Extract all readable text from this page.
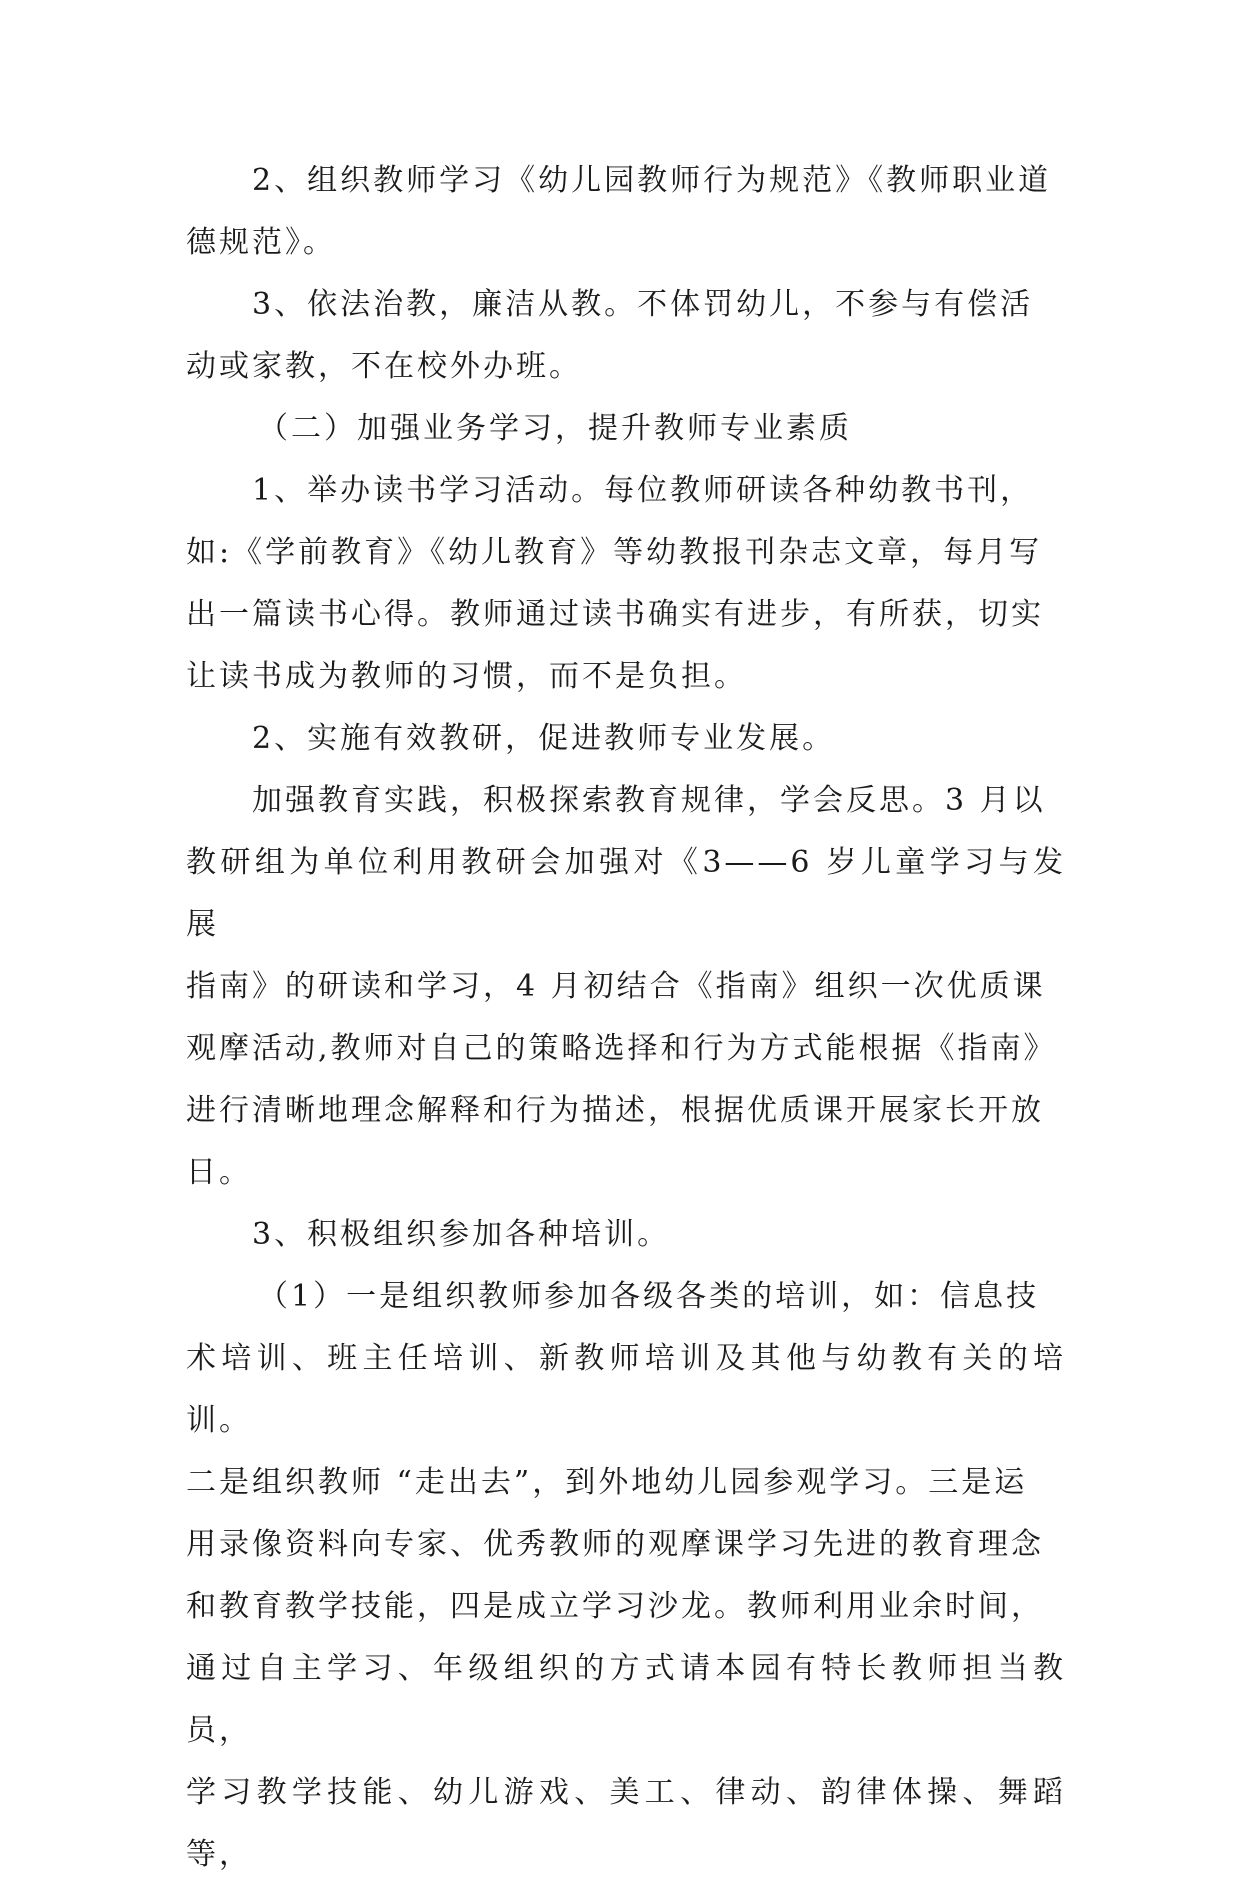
2、组织教师学习《幼儿园教师行为规范》《教师职业道
德规范》。

3、依法治教，廉洁从教。不体罚幼儿，不参与有偿活
动或家教，不在校外办班。

（二）加强业务学习，提升教师专业素质

1、举办读书学习活动。每位教师研读各种幼教书刊，
如:《学前教育》《幼儿教育》等幼教报刊杂志文章，每月写
出一篇读书心得。教师通过读书确实有进步，有所获，切实
让读书成为教师的习惯，而不是负担。

2、实施有效教研，促进教师专业发展。

加强教育实践，积极探索教育规律，学会反思。3 月以
教研组为单位利用教研会加强对《3——6 岁儿童学习与发展
指南》的研读和学习，4 月初结合《指南》组织一次优质课
观摩活动,教师对自己的策略选择和行为方式能根据《指南》
进行清晰地理念解释和行为描述，根据优质课开展家长开放
日。

3、积极组织参加各种培训。

（1）一是组织教师参加各级各类的培训，如：信息技
术培训、班主任培训、新教师培训及其他与幼教有关的培训。
二是组织教师 “走出去”，到外地幼儿园参观学习。三是运
用录像资料向专家、优秀教师的观摩课学习先进的教育理念
和教育教学技能，四是成立学习沙龙。教师利用业余时间，
通过自主学习、年级组织的方式请本园有特长教师担当教员，
学习教学技能、幼儿游戏、美工、律动、韵律体操、舞蹈等，
